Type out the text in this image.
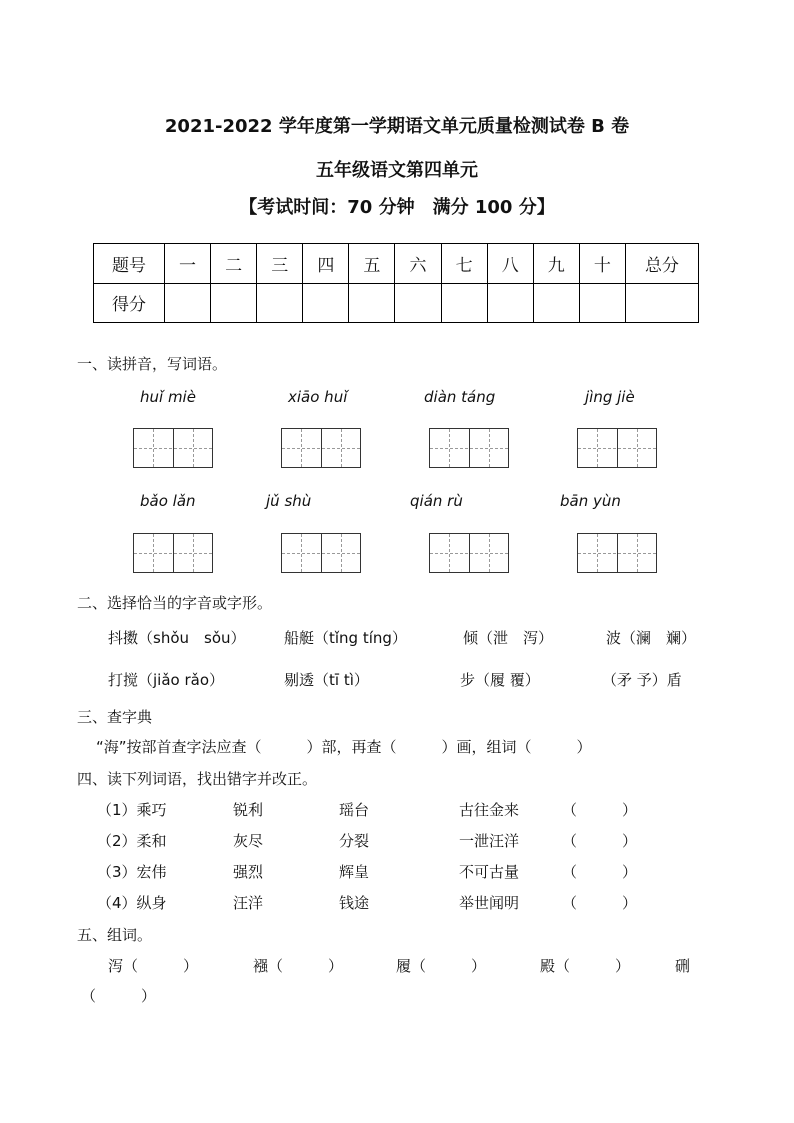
2021-2022 学年度第一学期语文单元质量检测试卷 B 卷
五年级语文第四单元
【考试时间：70 分钟　满分 100 分】
题号	一	二	三	四	五	六	七	八	九	十	总分
得分											
一、读拼音，写词语。
huǐ miè	xiāo huǐ	diàn táng	jìng jiè
bǎo lǎn	jǔ shù	qián rù	bān yùn
二、选择恰当的字音或字形。
抖擞（shǒu　sǒu）	船艇（tǐng tíng）	倾（泄　泻）	波（澜　斓）
打搅（jiǎo rǎo）	剔透（tī tì）	步（履 覆）	（矛 予）盾
三、查字典
“海”按部首查字法应查（　　　）部，再查（　　　）画，组词（　　　）
四、读下列词语，找出错字并改正。
（1）乘巧	锐利	瑶台	古往金来	（　　　）
（2）柔和	灰尽	分裂	一泄汪洋	（　　　）
（3）宏伟	强烈	辉皇	不可古量	（　　　）
（4）纵身	汪洋	钱途	举世闻明	（　　　）
五、组词。
泻（　　　）	襁（　　　）	履（　　　）	殿（　　　）	硎
（　　　）
